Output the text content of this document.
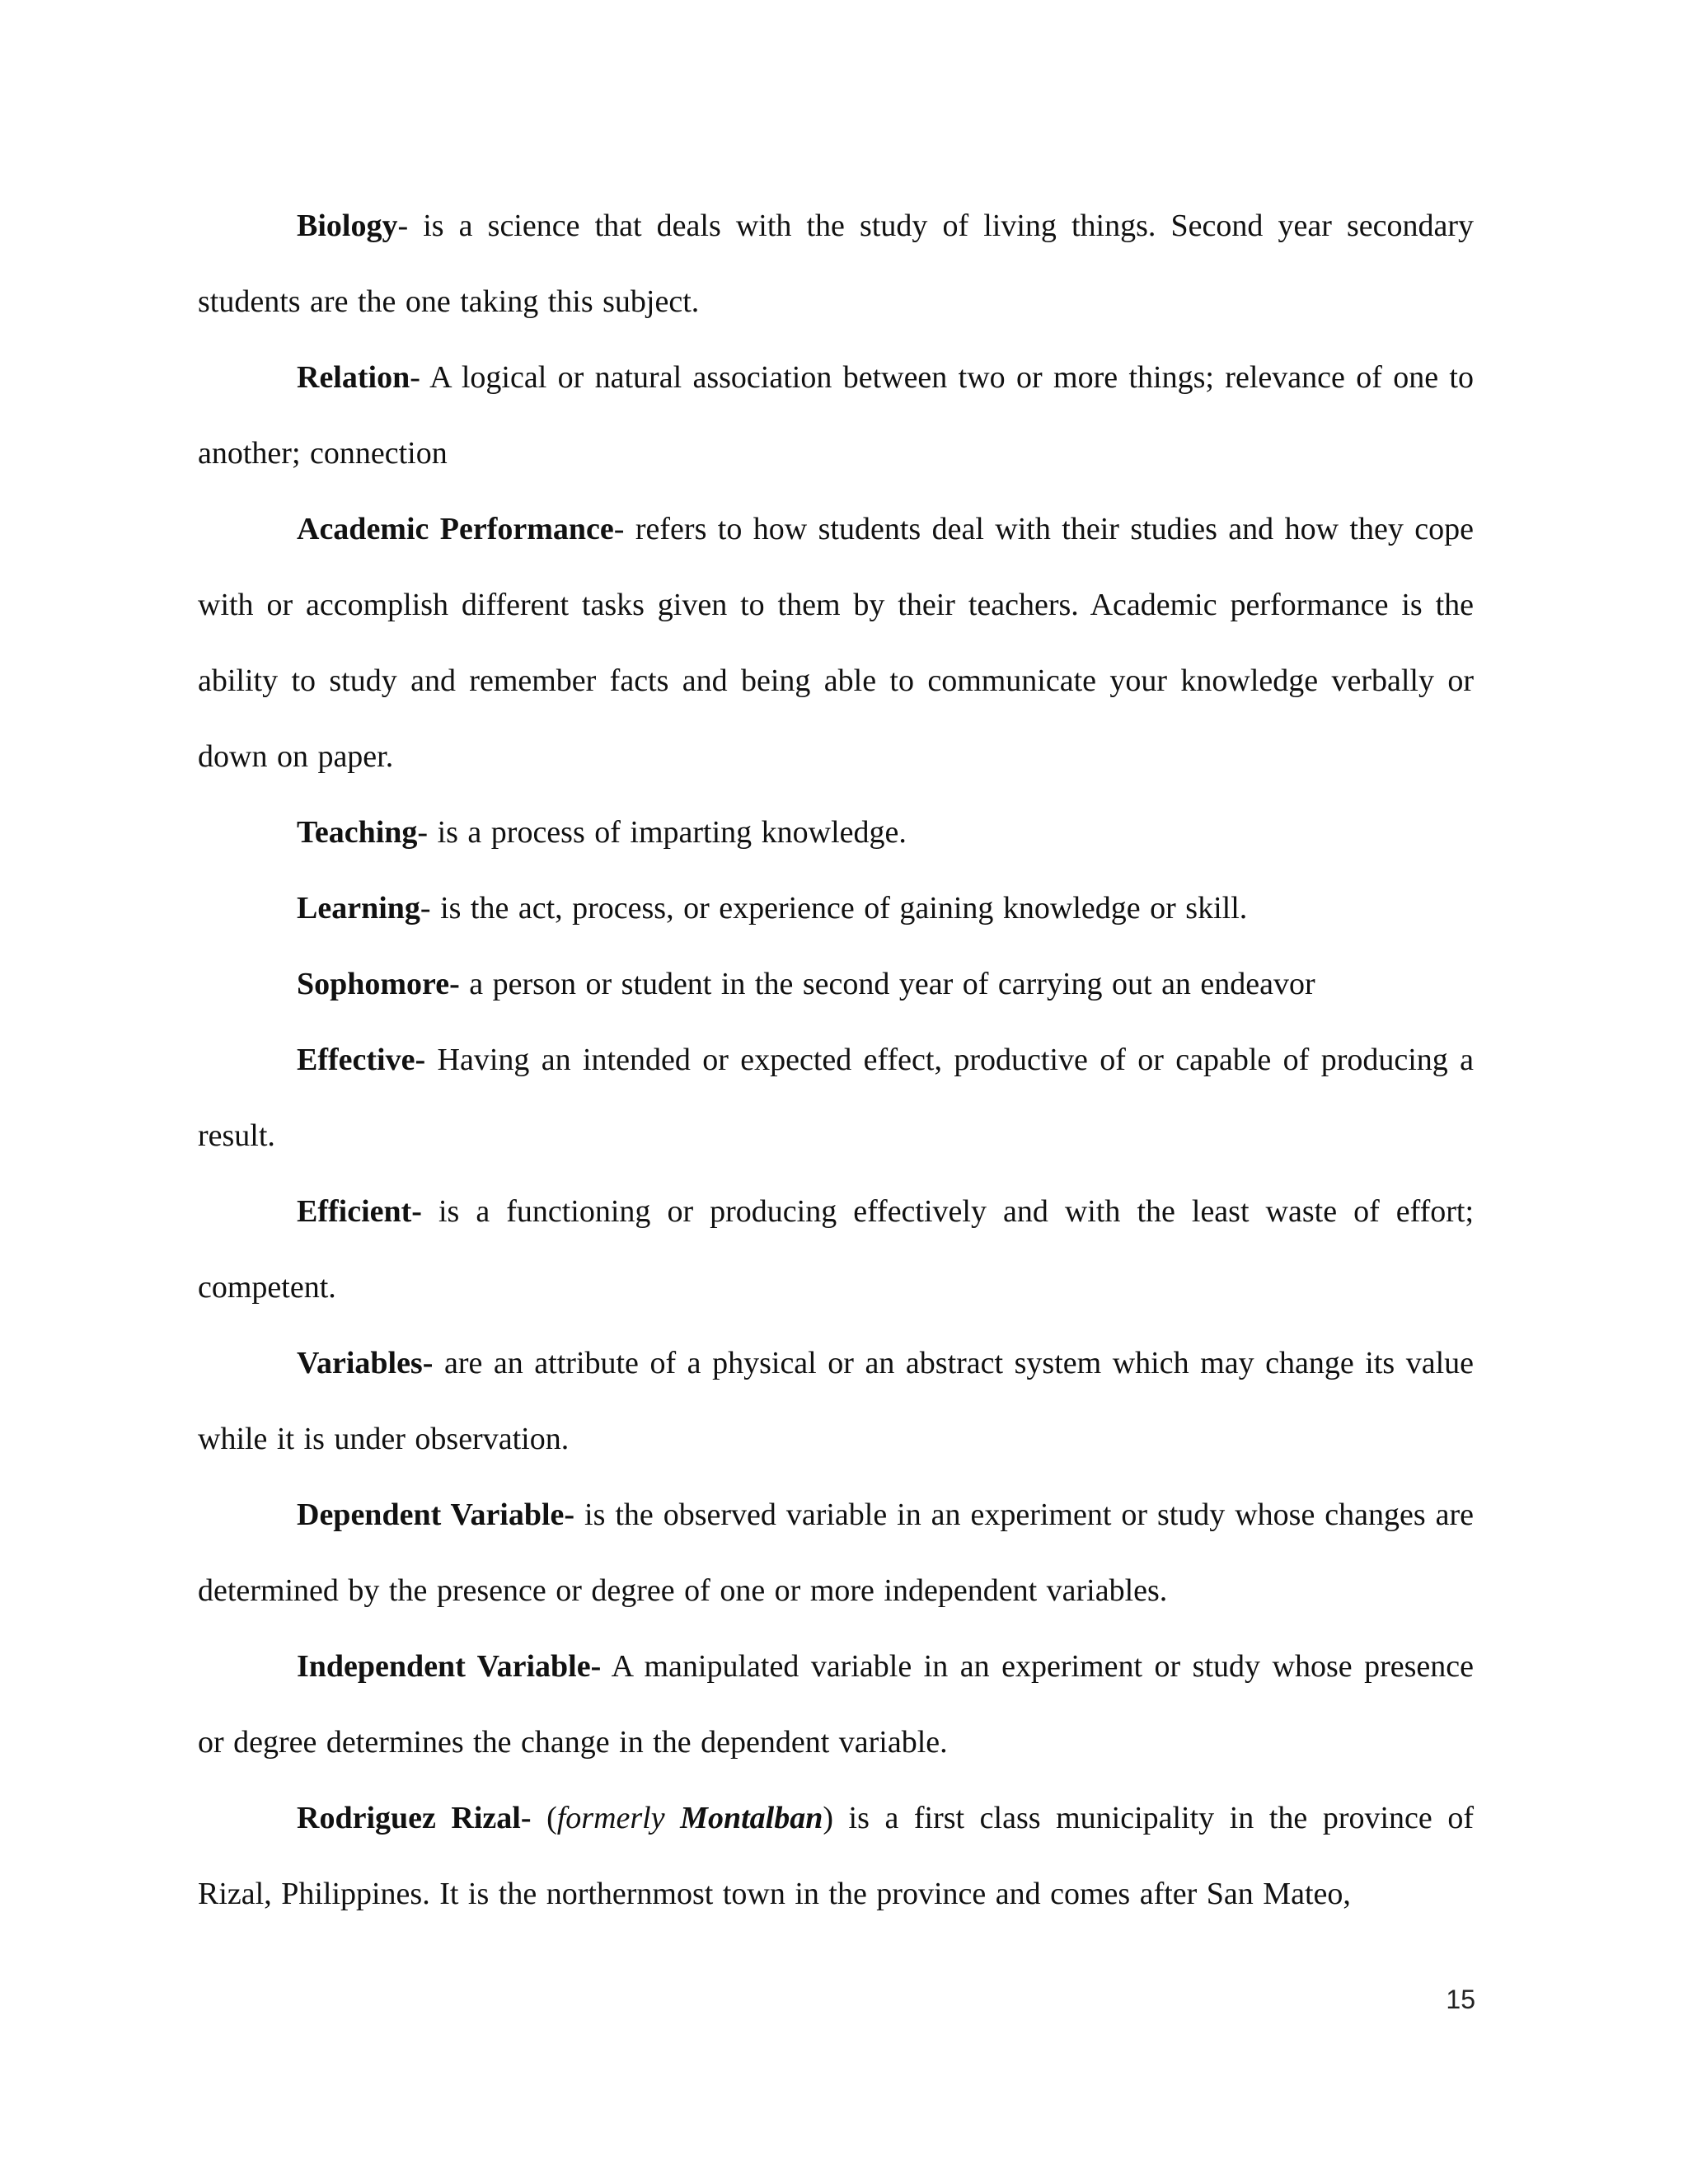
Biology- is a science that deals with the study of living things. Second year secondary students are the one taking this subject.

Relation- A logical or natural association between two or more things; relevance of one to another; connection

Academic Performance- refers to how students deal with their studies and how they cope with or accomplish different tasks given to them by their teachers. Academic performance is the ability to study and remember facts and being able to communicate your knowledge verbally or down on paper.

Teaching- is a process of imparting knowledge.

Learning- is the act, process, or experience of gaining knowledge or skill.

Sophomore- a person or student in the second year of carrying out an endeavor

Effective- Having an intended or expected effect, productive of or capable of producing a result.

Efficient- is a functioning or producing effectively and with the least waste of effort; competent.

Variables- are an attribute of a physical or an abstract system which may change its value while it is under observation.

Dependent Variable- is the observed variable in an experiment or study whose changes are determined by the presence or degree of one or more independent variables.

Independent Variable- A manipulated variable in an experiment or study whose presence or degree determines the change in the dependent variable.

Rodriguez Rizal- (formerly Montalban) is a first class municipality in the province of Rizal, Philippines. It is the northernmost town in the province and comes after San Mateo,

15
